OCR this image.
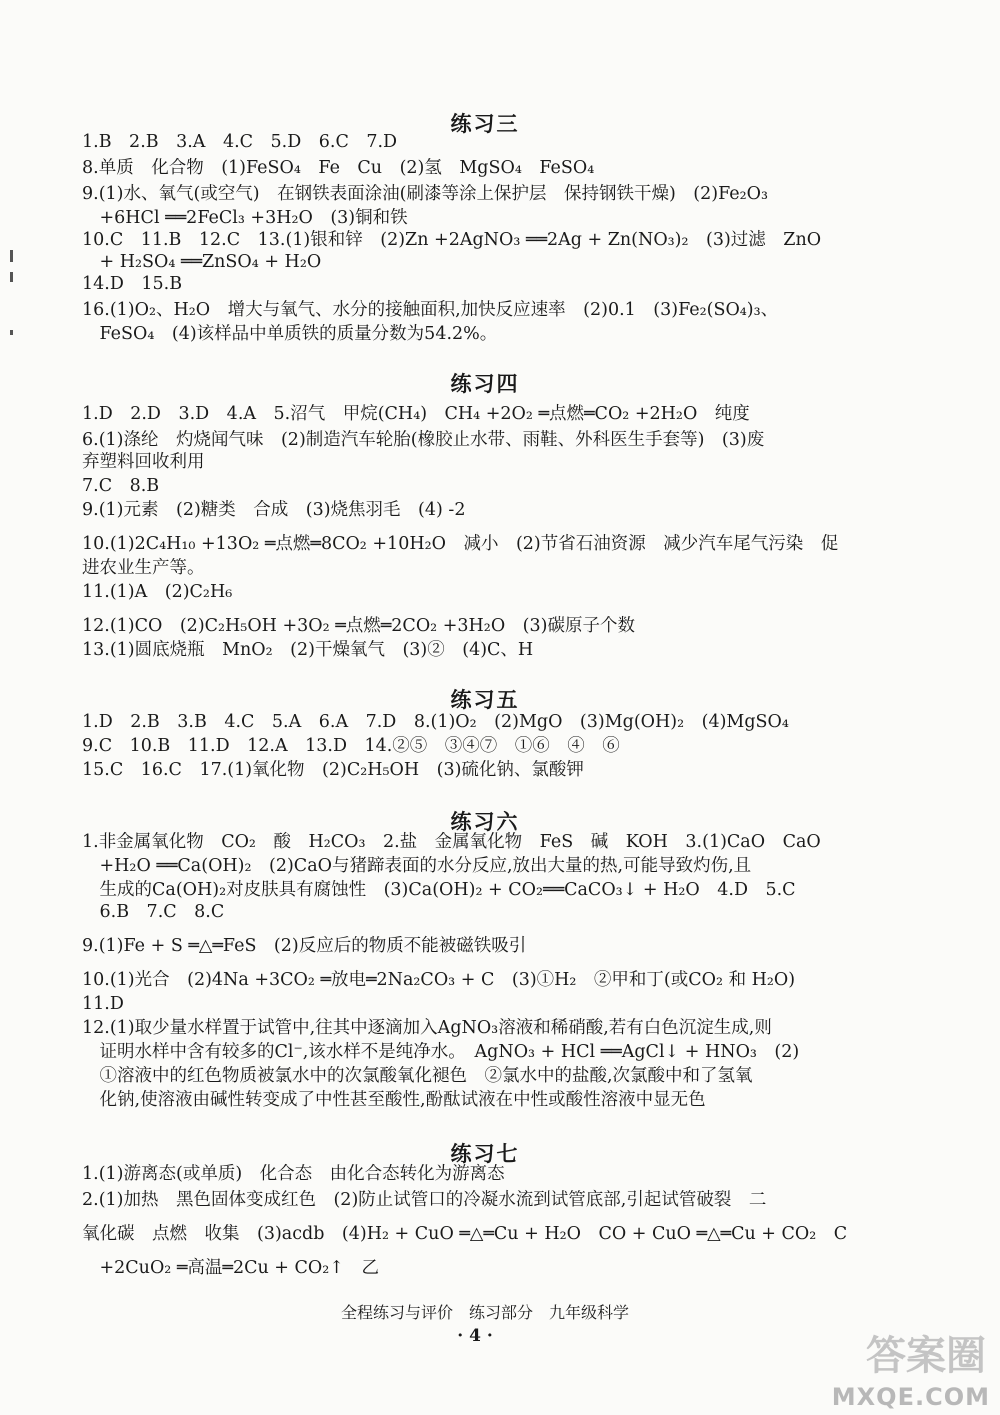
练习三
1.B　2.B　3.A　4.C　5.D　6.C　7.D
8.单质　化合物　(1)FeSO₄　Fe　Cu　(2)氢　MgSO₄　FeSO₄
9.(1)水、氧气(或空气)　在钢铁表面涂油(刷漆等涂上保护层　保持钢铁干燥)　(2)Fe₂O₃
　+6HCl ══2FeCl₃ +3H₂O　(3)铜和铁
10.C　11.B　12.C　13.(1)银和锌　(2)Zn +2AgNO₃ ══2Ag + Zn(NO₃)₂　(3)过滤　ZnO
　+ H₂SO₄ ══ZnSO₄ + H₂O
14.D　15.B
16.(1)O₂、H₂O　增大与氧气、水分的接触面积,加快反应速率　(2)0.1　(3)Fe₂(SO₄)₃、
　FeSO₄　(4)该样品中单质铁的质量分数为54.2%。
练习四
1.D　2.D　3.D　4.A　5.沼气　甲烷(CH₄)　CH₄ +2O₂ ═点燃═CO₂ +2H₂O　纯度
6.(1)涤纶　灼烧闻气味　(2)制造汽车轮胎(橡胶止水带、雨鞋、外科医生手套等)　(3)废
弃塑料回收利用
7.C　8.B
9.(1)元素　(2)糖类　合成　(3)烧焦羽毛　(4) -2
10.(1)2C₄H₁₀ +13O₂ ═点燃═8CO₂ +10H₂O　减小　(2)节省石油资源　减少汽车尾气污染　促
进农业生产等。
11.(1)A　(2)C₂H₆
12.(1)CO　(2)C₂H₅OH +3O₂ ═点燃═2CO₂ +3H₂O　(3)碳原子个数
13.(1)圆底烧瓶　MnO₂　(2)干燥氧气　(3)②　(4)C、H
练习五
1.D　2.B　3.B　4.C　5.A　6.A　7.D　8.(1)O₂　(2)MgO　(3)Mg(OH)₂　(4)MgSO₄
9.C　10.B　11.D　12.A　13.D　14.②⑤　③④⑦　①⑥　④　⑥
15.C　16.C　17.(1)氧化物　(2)C₂H₅OH　(3)硫化钠、氯酸钾
练习六
1.非金属氧化物　CO₂　酸　H₂CO₃　2.盐　金属氧化物　FeS　碱　KOH　3.(1)CaO　CaO
　+H₂O ══Ca(OH)₂　(2)CaO与猪蹄表面的水分反应,放出大量的热,可能导致灼伤,且
　生成的Ca(OH)₂对皮肤具有腐蚀性　(3)Ca(OH)₂ + CO₂══CaCO₃↓ + H₂O　4.D　5.C
　6.B　7.C　8.C
9.(1)Fe + S ═△═FeS　(2)反应后的物质不能被磁铁吸引
10.(1)光合　(2)4Na +3CO₂ ═放电═2Na₂CO₃ + C　(3)①H₂　②甲和丁(或CO₂ 和 H₂O)
11.D
12.(1)取少量水样置于试管中,往其中逐滴加入AgNO₃溶液和稀硝酸,若有白色沉淀生成,则
　证明水样中含有较多的Cl⁻,该水样不是纯净水。　AgNO₃ + HCl ══AgCl↓ + HNO₃　(2)
　①溶液中的红色物质被氯水中的次氯酸氧化褪色　②氯水中的盐酸,次氯酸中和了氢氧
　化钠,使溶液由碱性转变成了中性甚至酸性,酚酞试液在中性或酸性溶液中显无色
练习七
1.(1)游离态(或单质)　化合态　由化合态转化为游离态
2.(1)加热　黑色固体变成红色　(2)防止试管口的冷凝水流到试管底部,引起试管破裂　二
氧化碳　点燃　收集　(3)acdb　(4)H₂ + CuO ═△═Cu + H₂O　CO + CuO ═△═Cu + CO₂　C
　+2CuO₂ ═高温═2Cu + CO₂↑　乙
全程练习与评价　练习部分　九年级科学
· 4 ·	答案圈
MXQE.COM
